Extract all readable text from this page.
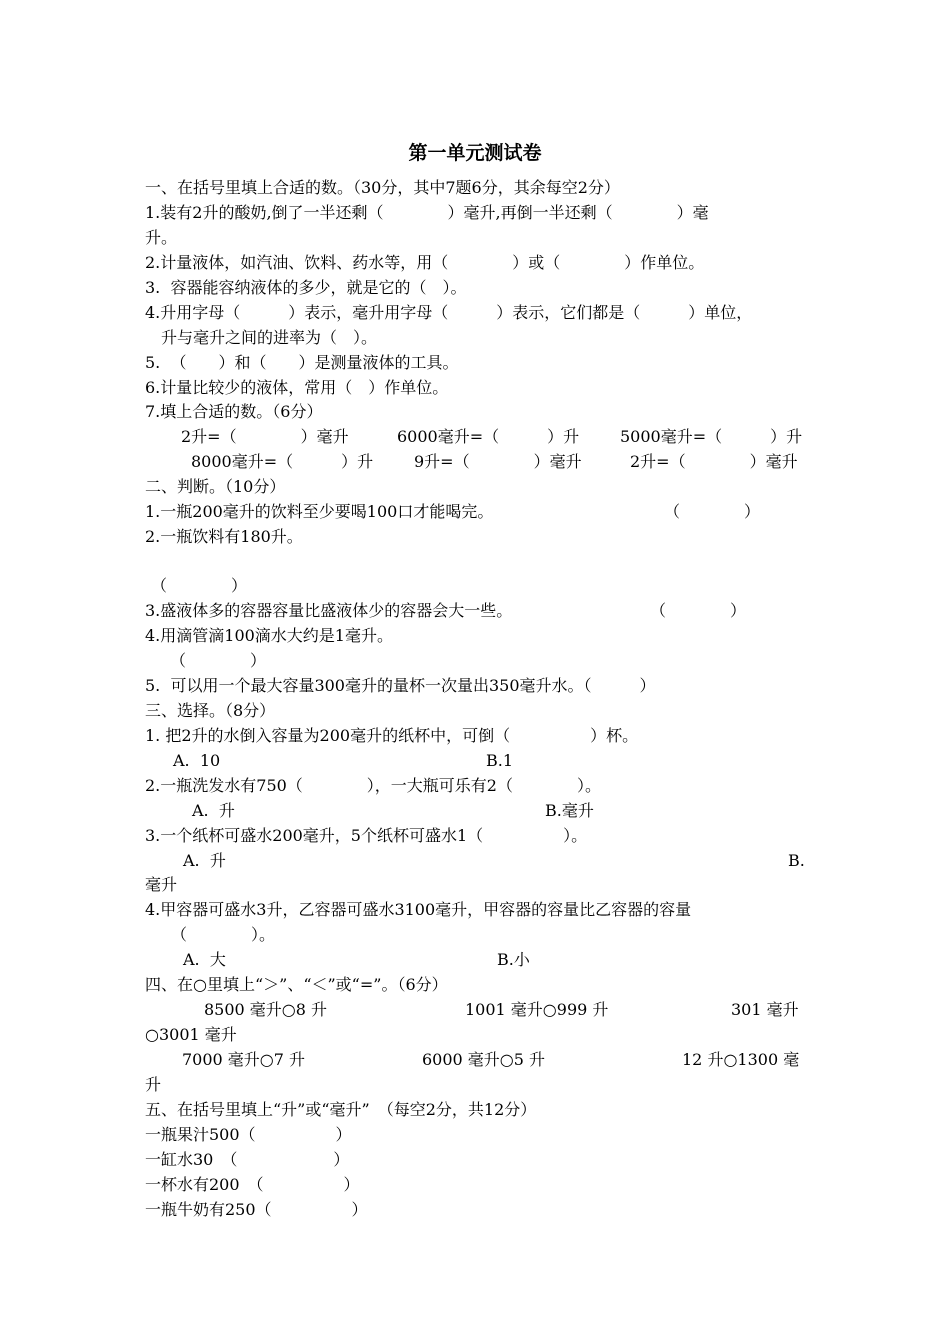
第一单元测试卷
一、在括号里填上合适的数。（30分，其中7题6分，其余每空2分）
1.装有2升的酸奶,倒了一半还剩（　　　　）毫升,再倒一半还剩（　　　　）毫
升。
2.计量液体，如汽油、饮料、药水等，用（　　　　）或（　　　　）作单位。
3.  容器能容纳液体的多少，就是它的（　）。
4.升用字母（　　　）表示，毫升用字母（　　　）表示，它们都是（　　　）单位，
升与毫升之间的进率为（　）。
5.  （　　）和（　　）是测量液体的工具。
6.计量比较少的液体，常用（　）作单位。
7.填上合适的数。（6分）
2升=（　　　　）毫升	6000毫升=（　　　）升	5000毫升=（　　　）升
8000毫升=（　　　）升	9升=（　　　　）毫升	2升=（　　　　）毫升
二、判断。（10分）
1.一瓶200毫升的饮料至少要喝100口才能喝完。	（　　　　）
2.一瓶饮料有180升。
（　　　　）
3.盛液体多的容器容量比盛液体少的容器会大一些。	（　　　　）
4.用滴管滴100滴水大约是1毫升。
（　　　　）
5.  可以用一个最大容量300毫升的量杯一次量出350毫升水。（　　　）
三、选择。（8分）
1. 把2升的水倒入容量为200毫升的纸杯中，可倒（　　　　　）杯。
A.  10	B.1
2.一瓶洗发水有750（　　　　），一大瓶可乐有2（　　　　）。
A.  升	B.毫升
3.一个纸杯可盛水200毫升，5个纸杯可盛水1（　　　　　）。
A.  升	B.
毫升
4.甲容器可盛水3升，乙容器可盛水3100毫升，甲容器的容量比乙容器的容量
（　　　　）。
A.  大	B.小
四、在○里填上“＞”、“＜”或“=”。（6分）
8500 毫升○8 升	1001 毫升○999 升	301 毫升
○3001 毫升
7000 毫升○7 升	6000 毫升○5 升	12 升○1300 毫
升
五、在括号里填上“升”或“毫升”　（每空2分，共12分）
一瓶果汁500（　　　　　）
一缸水30　（　　　　　　）
一杯水有200　（　　　　　）
一瓶牛奶有250（　　　　　）
